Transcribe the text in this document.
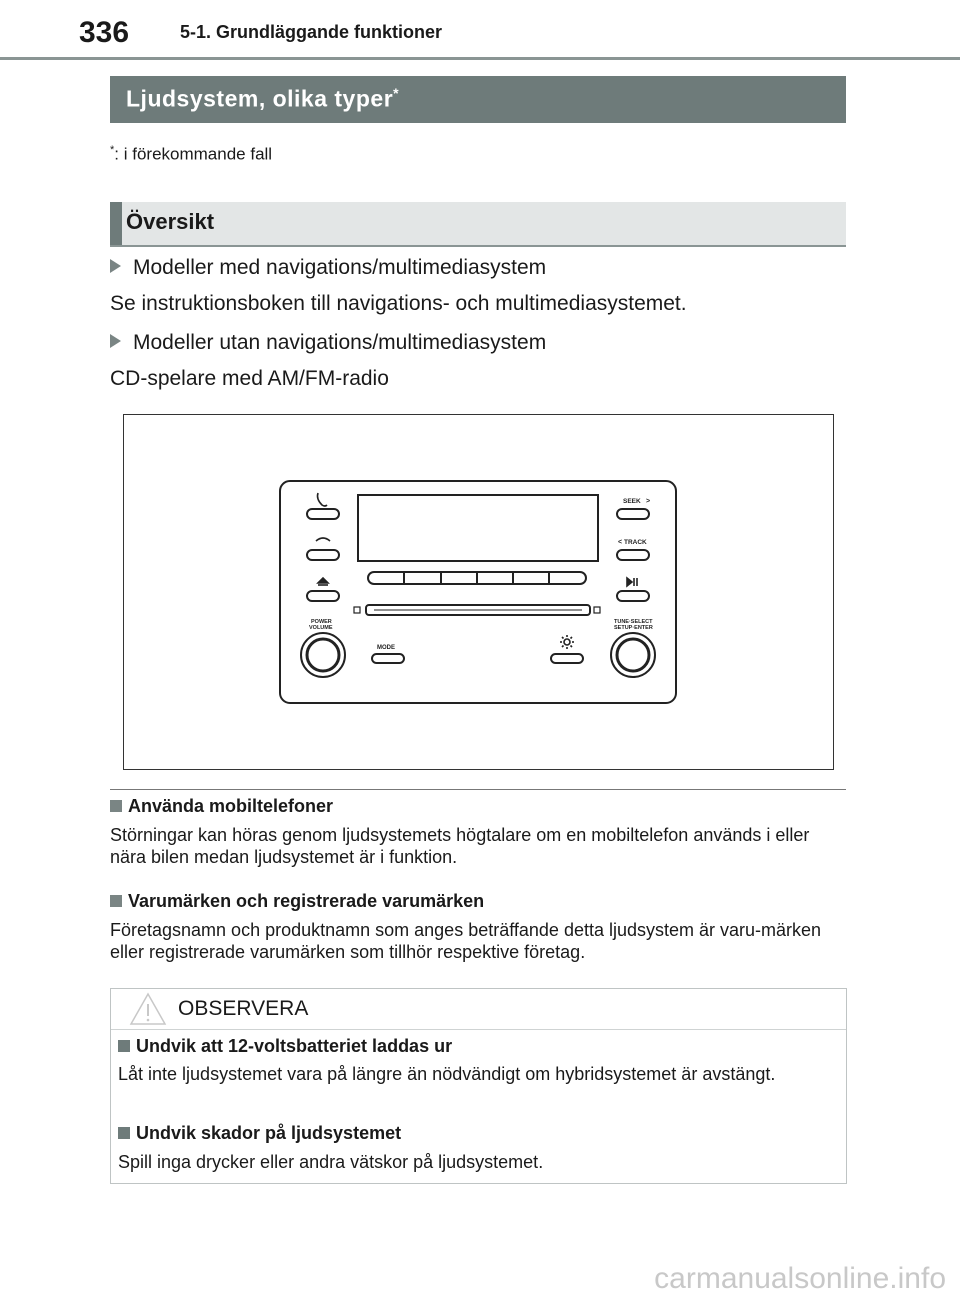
336	5-1. Grundläggande funktioner
Ljudsystem, olika typer*
*: i förekommande fall
Översikt
Modeller med navigations/multimediasystem
Se instruktionsboken till navigations- och multimediasystemet.
Modeller utan navigations/multimediasystem
CD-spelare med AM/FM-radio
SEEK >
< TRACK
POWER
VOLUME
TUNE·SELECT
SETUP·ENTER
MODE
Använda mobiltelefoner
Störningar kan höras genom ljudsystemets högtalare om en mobiltelefon används i eller nära bilen medan ljudsystemet är i funktion.
Varumärken och registrerade varumärken
Företagsnamn och produktnamn som anges beträffande detta ljudsystem är varu-märken eller registrerade varumärken som tillhör respektive företag.
OBSERVERA
Undvik att 12-voltsbatteriet laddas ur
Låt inte ljudsystemet vara på längre än nödvändigt om hybridsystemet är avstängt.
Undvik skador på ljudsystemet
Spill inga drycker eller andra vätskor på ljudsystemet.
carmanualsonline.info
